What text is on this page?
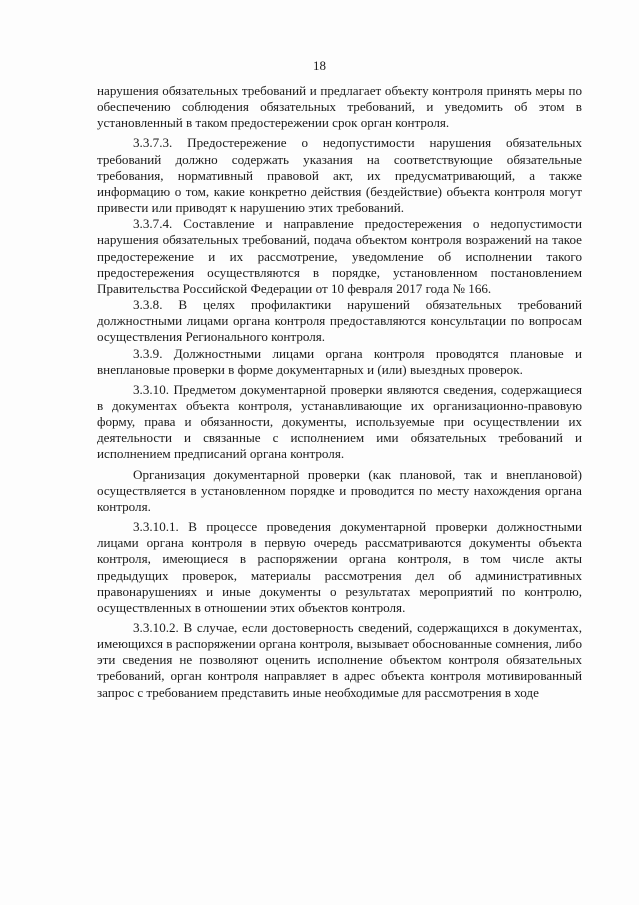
18

нарушения обязательных требований и предлагает объекту контроля принять меры по обеспечению соблюдения обязательных требований, и уведомить об этом в установленный в таком предостережении срок орган контроля.

3.3.7.3. Предостережение о недопустимости нарушения обязательных требований должно содержать указания на соответствующие обязательные требования, нормативный правовой акт, их предусматривающий, а также информацию о том, какие конкретно действия (бездействие) объекта контроля могут привести или приводят к нарушению этих требований.

3.3.7.4. Составление и направление предостережения о недопустимости нарушения обязательных требований, подача объектом контроля возражений на такое предостережение и их рассмотрение, уведомление об исполнении такого предостережения осуществляются в порядке, установленном постановлением Правительства Российской Федерации от 10 февраля 2017 года № 166.

3.3.8. В целях профилактики нарушений обязательных требований должностными лицами органа контроля предоставляются консультации по вопросам осуществления Регионального контроля.

3.3.9. Должностными лицами органа контроля проводятся плановые и внеплановые проверки в форме документарных и (или) выездных проверок.

3.3.10. Предметом документарной проверки являются сведения, содержащиеся в документах объекта контроля, устанавливающие их организационно-правовую форму, права и обязанности, документы, используемые при осуществлении их деятельности и связанные с исполнением ими обязательных требований и исполнением предписаний органа контроля.

Организация документарной проверки (как плановой, так и внеплановой) осуществляется в установленном порядке и проводится по месту нахождения органа контроля.

3.3.10.1. В процессе проведения документарной проверки должностными лицами органа контроля в первую очередь рассматриваются документы объекта контроля, имеющиеся в распоряжении органа контроля, в том числе акты предыдущих проверок, материалы рассмотрения дел об административных правонарушениях и иные документы о результатах мероприятий по контролю, осуществленных в отношении этих объектов контроля.

3.3.10.2. В случае, если достоверность сведений, содержащихся в документах, имеющихся в распоряжении органа контроля, вызывает обоснованные сомнения, либо эти сведения не позволяют оценить исполнение объектом контроля обязательных требований, орган контроля направляет в адрес объекта контроля мотивированный запрос с требованием представить иные необходимые для рассмотрения в ходе
